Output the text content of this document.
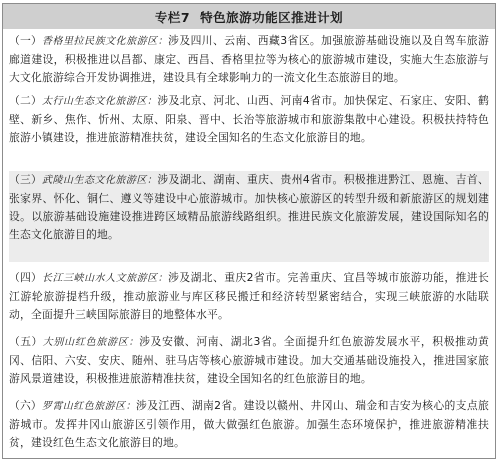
专栏7 特色旅游功能区推进计划
（一）香格里拉民族文化旅游区：涉及四川、云南、西藏3省区。加强旅游基础设施以及自驾车旅游廊道建设，积极推进以昌都、康定、西昌、香格里拉等为核心的旅游城市建设，实施大生态旅游与大文化旅游综合开发协调推进，建设具有全球影响力的一流文化生态旅游目的地。
（二）太行山生态文化旅游区：涉及北京、河北、山西、河南4省市。加快保定、石家庄、安阳、鹤壁、新乡、焦作、忻州、太原、阳泉、晋中、长治等旅游城市和旅游集散中心建设。积极扶持特色旅游小镇建设，推进旅游精准扶贫，建设全国知名的生态文化旅游目的地。
（三）武陵山生态文化旅游区：涉及湖北、湖南、重庆、贵州4省市。积极推进黔江、恩施、吉首、张家界、怀化、铜仁、遵义等建设中心旅游城市。加快核心旅游区的转型升级和新旅游区的规划建设。以旅游基础设施建设推进跨区域精品旅游线路组织。推进民族文化旅游发展，建设国际知名的生态文化旅游目的地。
（四）长江三峡山水人文旅游区：涉及湖北、重庆2省市。完善重庆、宜昌等城市旅游功能，推进长江游轮旅游提档升级，推动旅游业与库区移民搬迁和经济转型紧密结合，实现三峡旅游的水陆联动，全面提升三峡国际旅游目的地整体水平。
（五）大别山红色旅游区：涉及安徽、河南、湖北3省。全面提升红色旅游发展水平，积极推动黄冈、信阳、六安、安庆、随州、驻马店等核心旅游城市建设。加大交通基础设施投入，推进国家旅游风景道建设，积极推进旅游精准扶贫，建设全国知名的红色旅游目的地。
（六）罗霄山红色旅游区：涉及江西、湖南2省。建设以赣州、井冈山、瑞金和吉安为核心的支点旅游城市。发挥井冈山旅游区引领作用，做大做强红色旅游。加强生态环境保护，推进旅游精准扶贫，建设红色生态文化旅游目的地。
